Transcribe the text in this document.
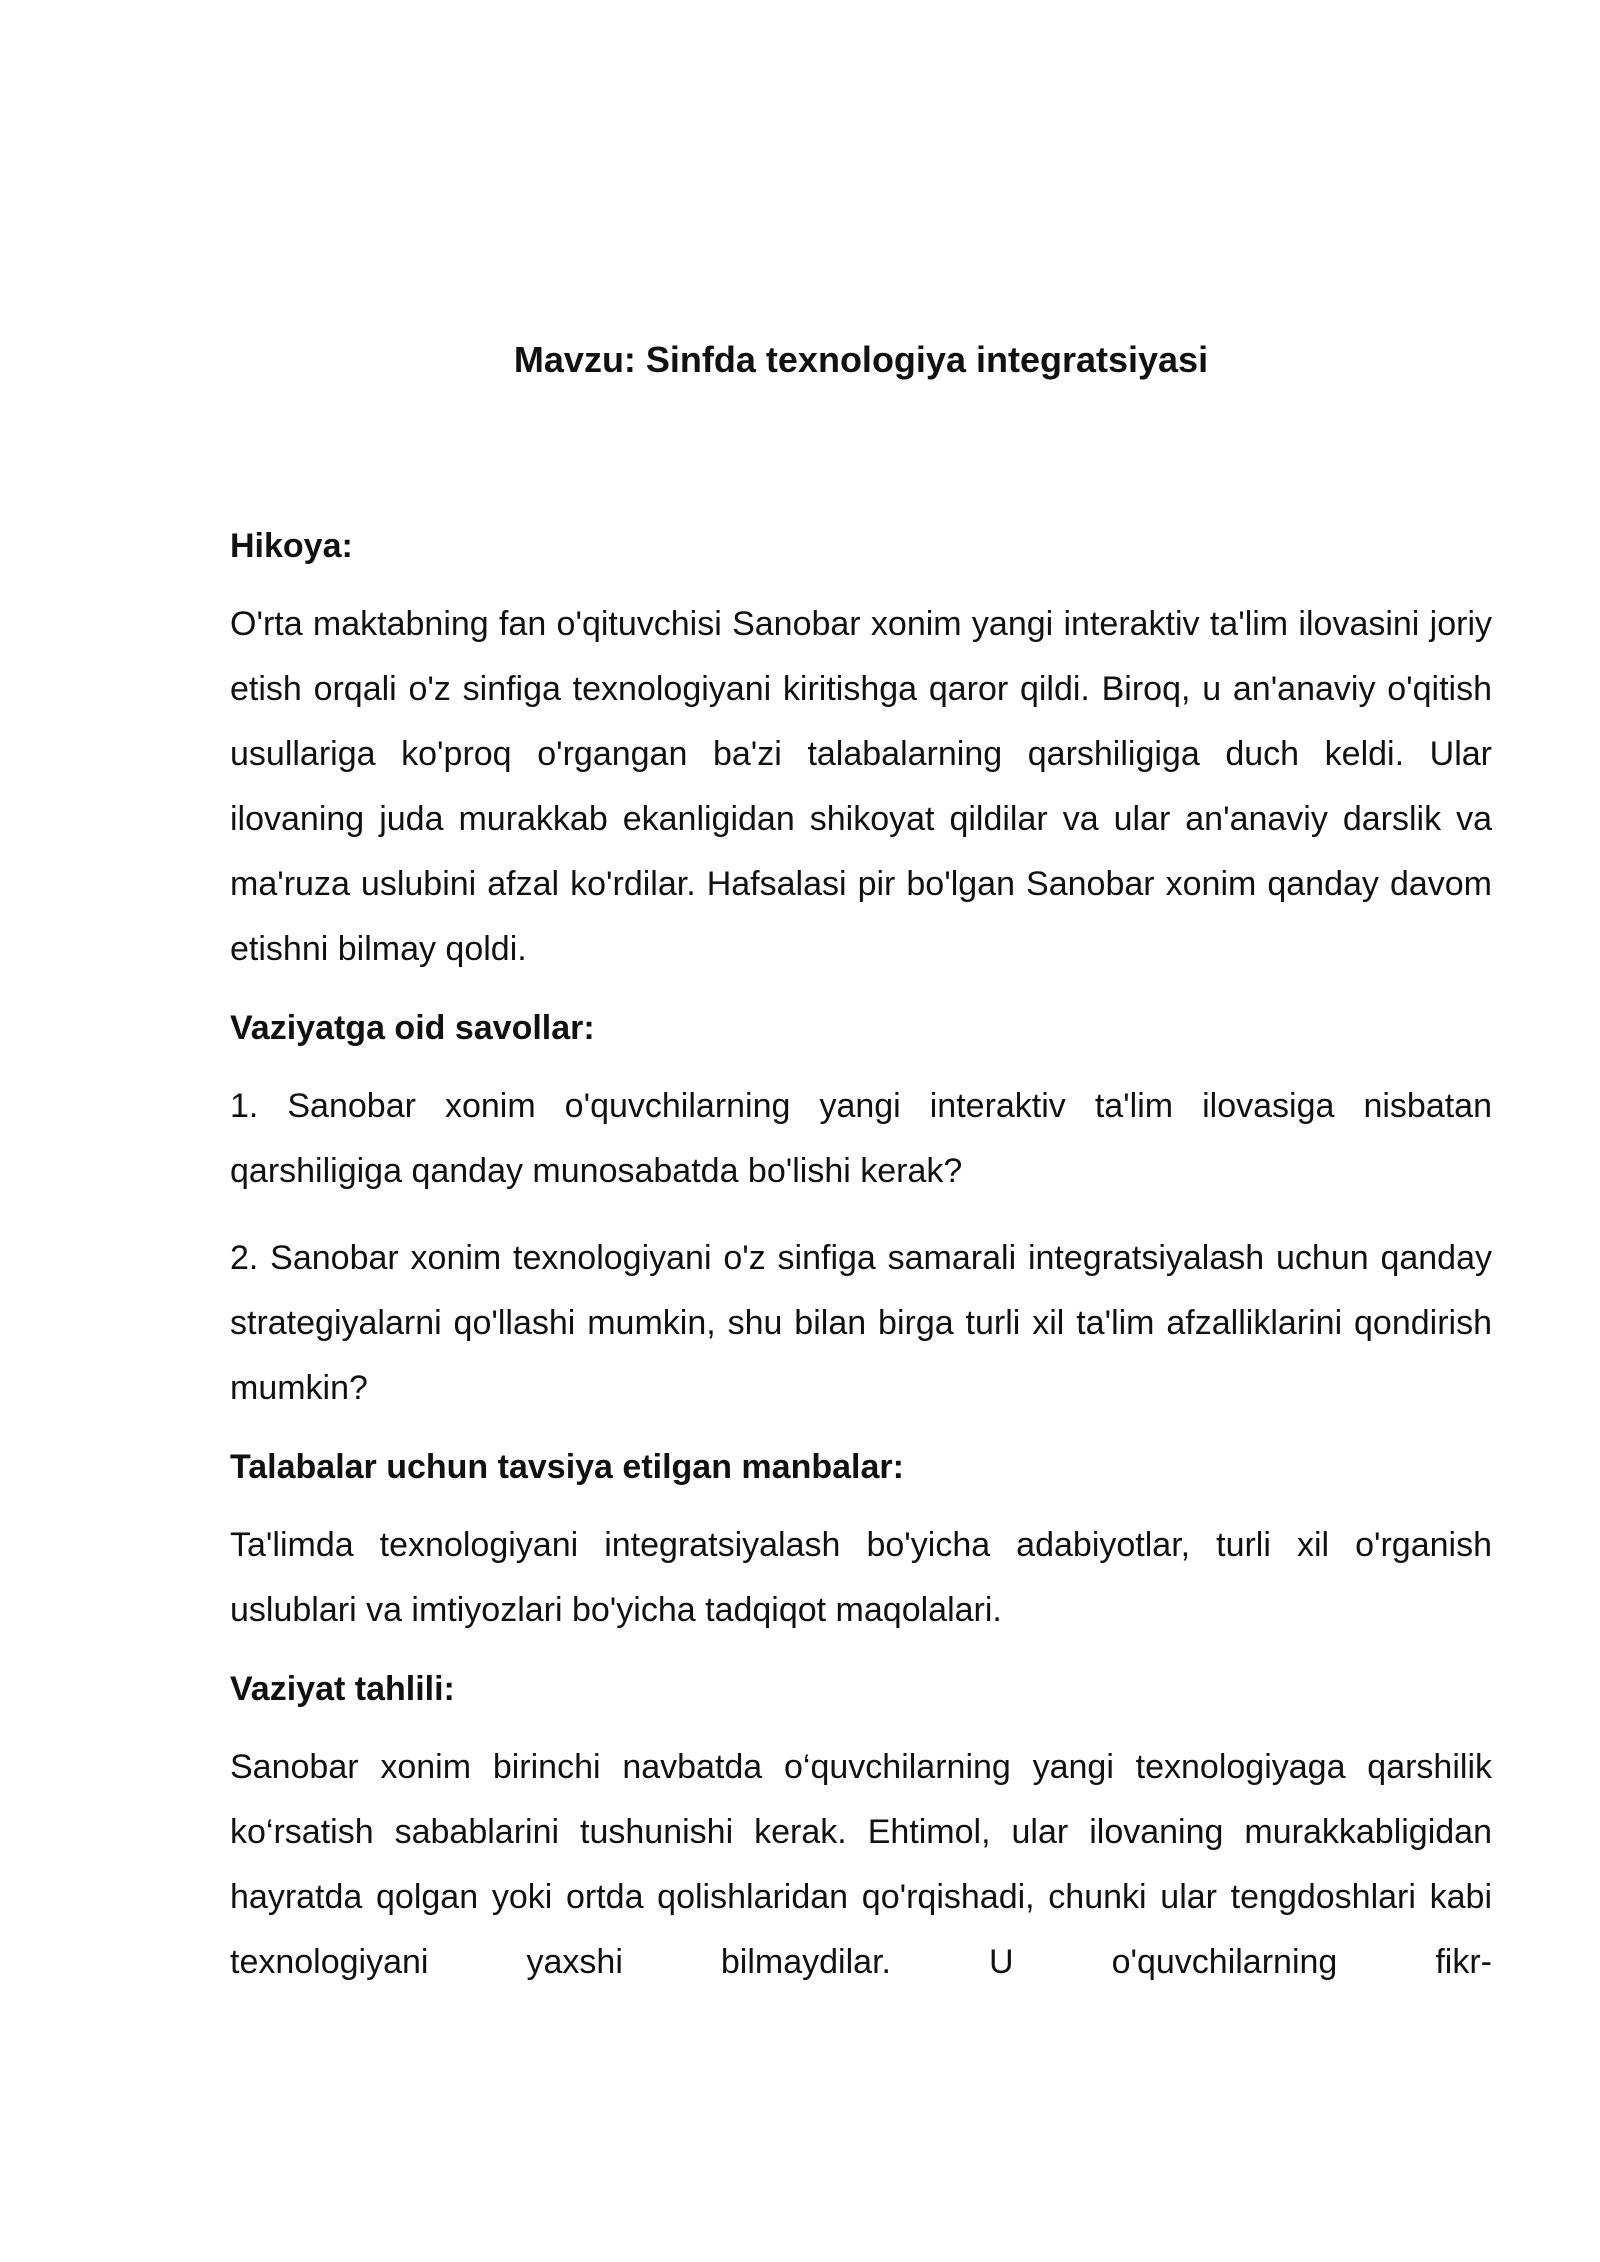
Mavzu: Sinfda texnologiya integratsiyasi
Hikoya:

O'rta maktabning fan o'qituvchisi Sanobar xonim yangi interaktiv ta'lim ilovasini joriy etish orqali o'z sinfiga texnologiyani kiritishga qaror qildi. Biroq, u an'anaviy o'qitish usullariga ko'proq o'rgangan ba'zi talabalarning qarshiligiga duch keldi. Ular ilovaning juda murakkab ekanligidan shikoyat qildilar va ular an'anaviy darslik va ma'ruza uslubini afzal ko'rdilar. Hafsalasi pir bo'lgan Sanobar xonim qanday davom etishni bilmay qoldi.

Vaziyatga oid savollar:

1. Sanobar xonim o'quvchilarning yangi interaktiv ta'lim ilovasiga nisbatan qarshiligiga qanday munosabatda bo'lishi kerak?

2. Sanobar xonim texnologiyani o'z sinfiga samarali integratsiyalash uchun qanday strategiyalarni qo'llashi mumkin, shu bilan birga turli xil ta'lim afzalliklarini qondirish mumkin?

Talabalar uchun tavsiya etilgan manbalar:

Ta'limda texnologiyani integratsiyalash bo'yicha adabiyotlar, turli xil o'rganish uslublari va imtiyozlari bo'yicha tadqiqot maqolalari.

Vaziyat tahlili:

Sanobar xonim birinchi navbatda o‘quvchilarning yangi texnologiyaga qarshilik ko‘rsatish sabablarini tushunishi kerak. Ehtimol, ular ilovaning murakkabligidan hayratda qolgan yoki ortda qolishlaridan qo'rqishadi, chunki ular tengdoshlari kabi texnologiyani yaxshi bilmaydilar. U o'quvchilarning fikr-
